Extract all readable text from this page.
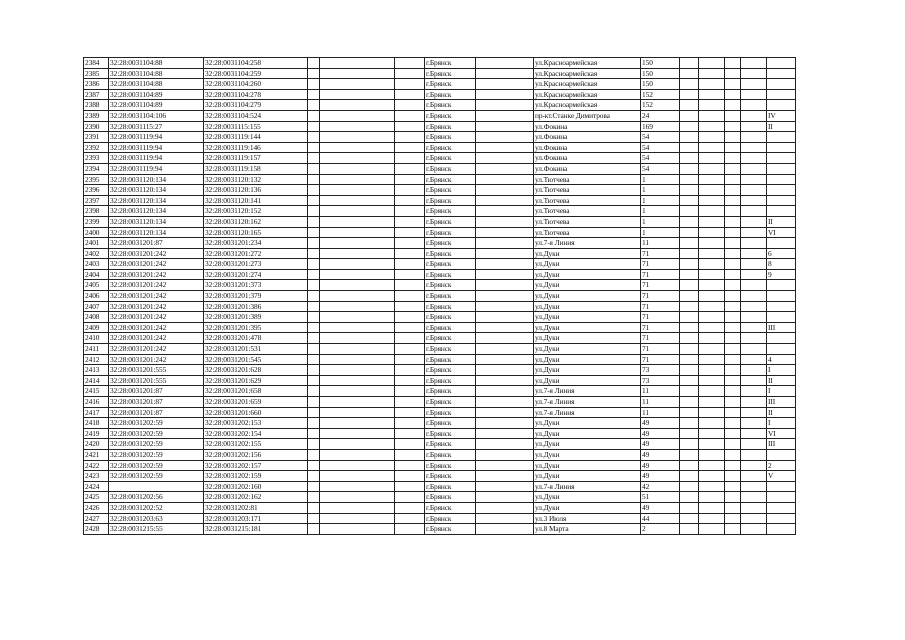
2384	32:28:0031104:88	32:28:0031104:258				г.Брянск		ул.Красноармейская	150					
2385	32:28:0031104:88	32:28:0031104:259				г.Брянск		ул.Красноармейская	150					
2386	32:28:0031104:88	32:28:0031104:260				г.Брянск		ул.Красноармейская	150					
2387	32:28:0031104:89	32:28:0031104:278				г.Брянск		ул.Красноармейская	152					
2388	32:28:0031104:89	32:28:0031104:279				г.Брянск		ул.Красноармейская	152					
2389	32:28:0031104:106	32:28:0031104:524				г.Брянск		пр-кт.Станке Димитрова	24					IV
2390	32:28:0031115:27	32:28:0031115:155				г.Брянск		ул.Фокина	169					II
2391	32:28:0031119:94	32:28:0031119:144				г.Брянск		ул.Фокина	54					
2392	32:28:0031119:94	32:28:0031119:146				г.Брянск		ул.Фокина	54					
2393	32:28:0031119:94	32:28:0031119:157				г.Брянск		ул.Фокина	54					
2394	32:28:0031119:94	32:28:0031119:158				г.Брянск		ул.Фокина	54					
2395	32:28:0031120:134	32:28:0031120:132				г.Брянск		ул.Тютчева	1					
2396	32:28:0031120:134	32:28:0031120:136				г.Брянск		ул.Тютчева	1					
2397	32:28:0031120:134	32:28:0031120:141				г.Брянск		ул.Тютчева	1					
2398	32:28:0031120:134	32:28:0031120:152				г.Брянск		ул.Тютчева	1					
2399	32:28:0031120:134	32:28:0031120:162				г.Брянск		ул.Тютчева	1					II
2400	32:28:0031120:134	32:28:0031120:165				г.Брянск		ул.Тютчева	1					VI
2401	32:28:0031201:87	32:28:0031201:234				г.Брянск		ул.7-я Линия	11					
2402	32:28:0031201:242	32:28:0031201:272				г.Брянск		ул.Дуки	71					6
2403	32:28:0031201:242	32:28:0031201:273				г.Брянск		ул.Дуки	71					8
2404	32:28:0031201:242	32:28:0031201:274				г.Брянск		ул.Дуки	71					9
2405	32:28:0031201:242	32:28:0031201:373				г.Брянск		ул.Дуки	71					
2406	32:28:0031201:242	32:28:0031201:379				г.Брянск		ул.Дуки	71					
2407	32:28:0031201:242	32:28:0031201:386				г.Брянск		ул.Дуки	71					
2408	32:28:0031201:242	32:28:0031201:389				г.Брянск		ул.Дуки	71					
2409	32:28:0031201:242	32:28:0031201:395				г.Брянск		ул.Дуки	71					III
2410	32:28:0031201:242	32:28:0031201:478				г.Брянск		ул.Дуки	71					
2411	32:28:0031201:242	32:28:0031201:531				г.Брянск		ул.Дуки	71					
2412	32:28:0031201:242	32:28:0031201:545				г.Брянск		ул.Дуки	71					4
2413	32:28:0031201:555	32:28:0031201:628				г.Брянск		ул.Дуки	73					I
2414	32:28:0031201:555	32:28:0031201:629				г.Брянск		ул.Дуки	73					II
2415	32:28:0031201:87	32:28:0031201:658				г.Брянск		ул.7-я Линия	11					I
2416	32:28:0031201:87	32:28:0031201:659				г.Брянск		ул.7-я Линия	11					III
2417	32:28:0031201:87	32:28:0031201:660				г.Брянск		ул.7-я Линия	11					II
2418	32:28:0031202:59	32:28:0031202:153				г.Брянск		ул.Дуки	49					I
2419	32:28:0031202:59	32:28:0031202:154				г.Брянск		ул.Дуки	49					VI
2420	32:28:0031202:59	32:28:0031202:155				г.Брянск		ул.Дуки	49					III
2421	32:28:0031202:59	32:28:0031202:156				г.Брянск		ул.Дуки	49					
2422	32:28:0031202:59	32:28:0031202:157				г.Брянск		ул.Дуки	49					2
2423	32:28:0031202:59	32:28:0031202:159				г.Брянск		ул.Дуки	49					V
2424		32:28:0031202:160				г.Брянск		ул.7-я Линия	42					
2425	32:28:0031202:56	32:28:0031202:162				г.Брянск		ул.Дуки	51					
2426	32:28:0031202:52	32:28:0031202:81				г.Брянск		ул.Дуки	49					
2427	32:28:0031203:63	32:28:0031203:171				г.Брянск		ул.3 Июля	44					
2428	32:28:0031215:55	32:28:0031215:181				г.Брянск		ул.8 Марта	2					
